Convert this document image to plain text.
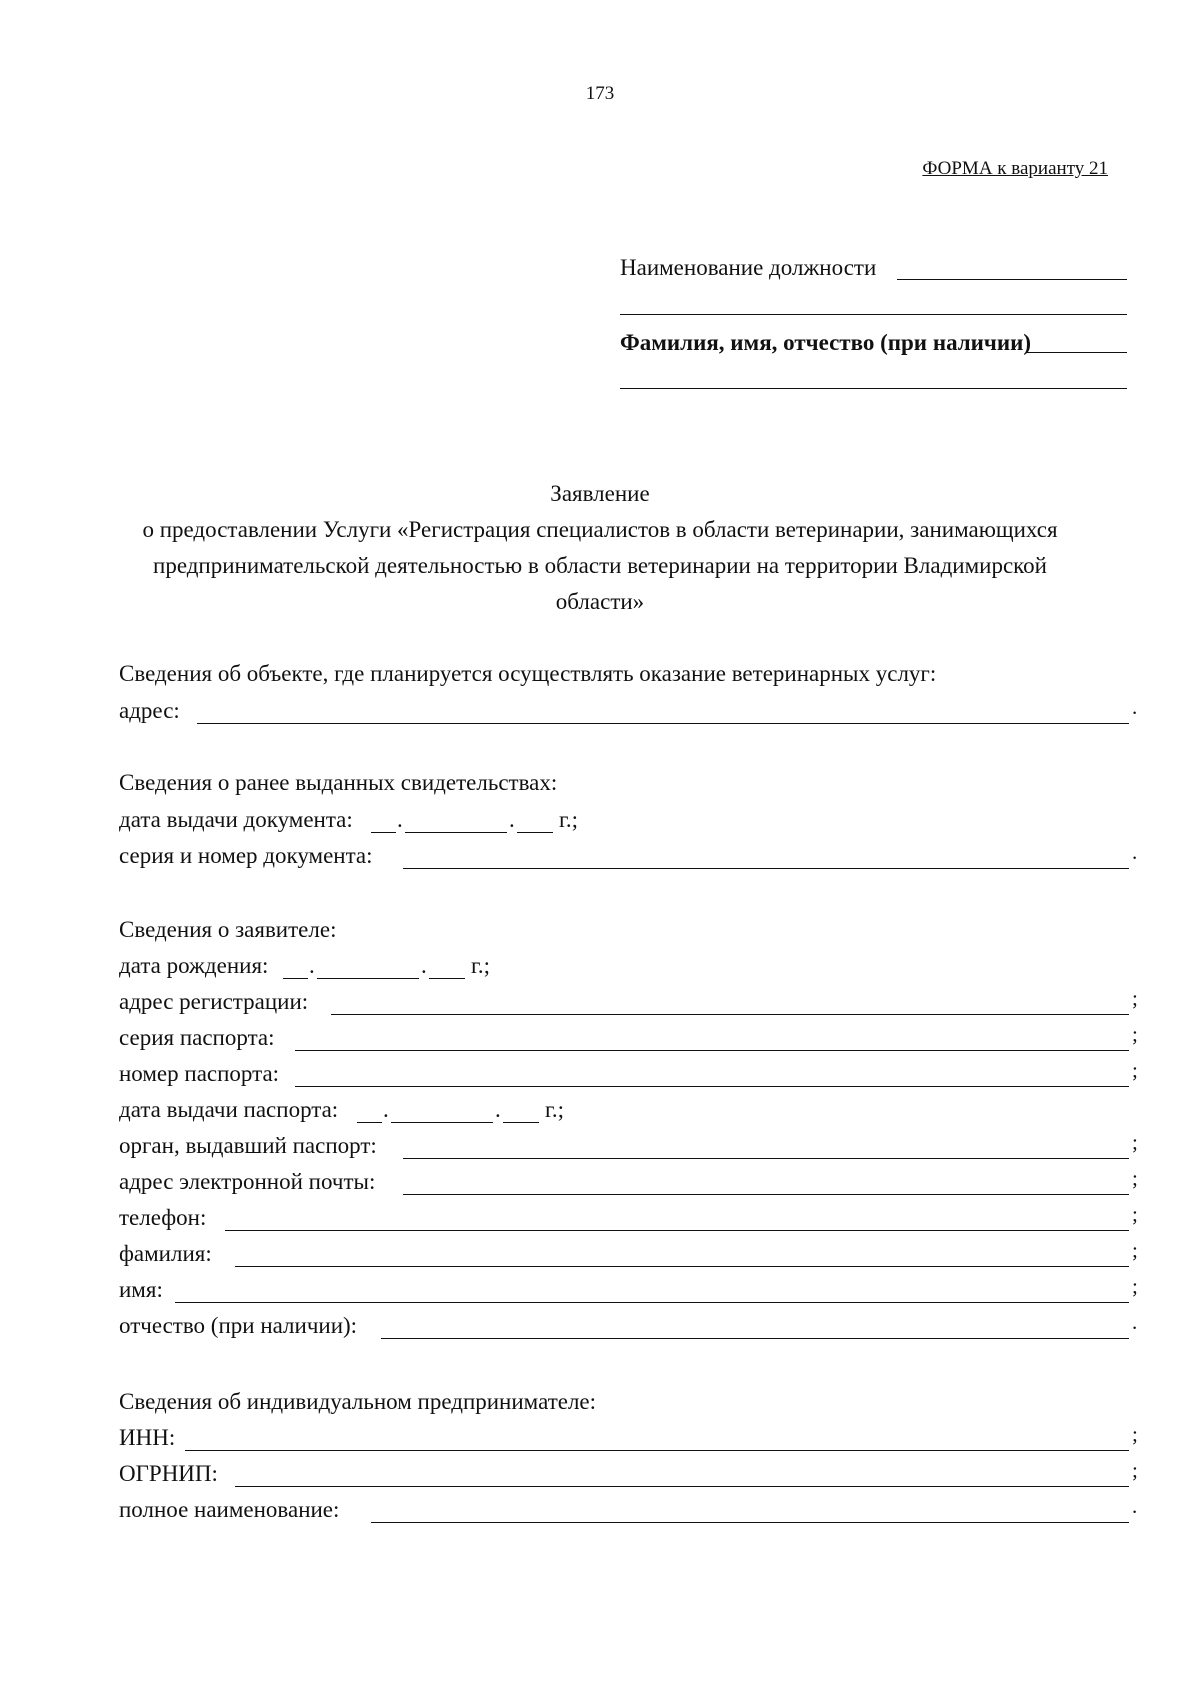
173
ФОРМА к варианту 21
Наименование должности
Фамилия, имя, отчество (при наличии)
Заявление
о предоставлении Услуги «Регистрация специалистов в области ветеринарии, занимающихся
предпринимательской деятельностью в области ветеринарии на территории Владимирской
области»
Сведения об объекте, где планируется осуществлять оказание ветеринарных услуг:
адрес:	.
Сведения о ранее выданных свидетельствах:
дата выдачи документа: .	. г.;
серия и номер документа:	.
Сведения о заявителе:
дата рождения: .	. г.;
адрес регистрации:	;
серия паспорта:	;
номер паспорта:	;
дата выдачи паспорта: .	. г.;
орган, выдавший паспорт:	;
адрес электронной почты:	;
телефон:	;
фамилия:	;
имя:	;
отчество (при наличии):	.
Сведения об индивидуальном предпринимателе:
ИНН:	;
ОГРНИП:	;
полное наименование:	.
